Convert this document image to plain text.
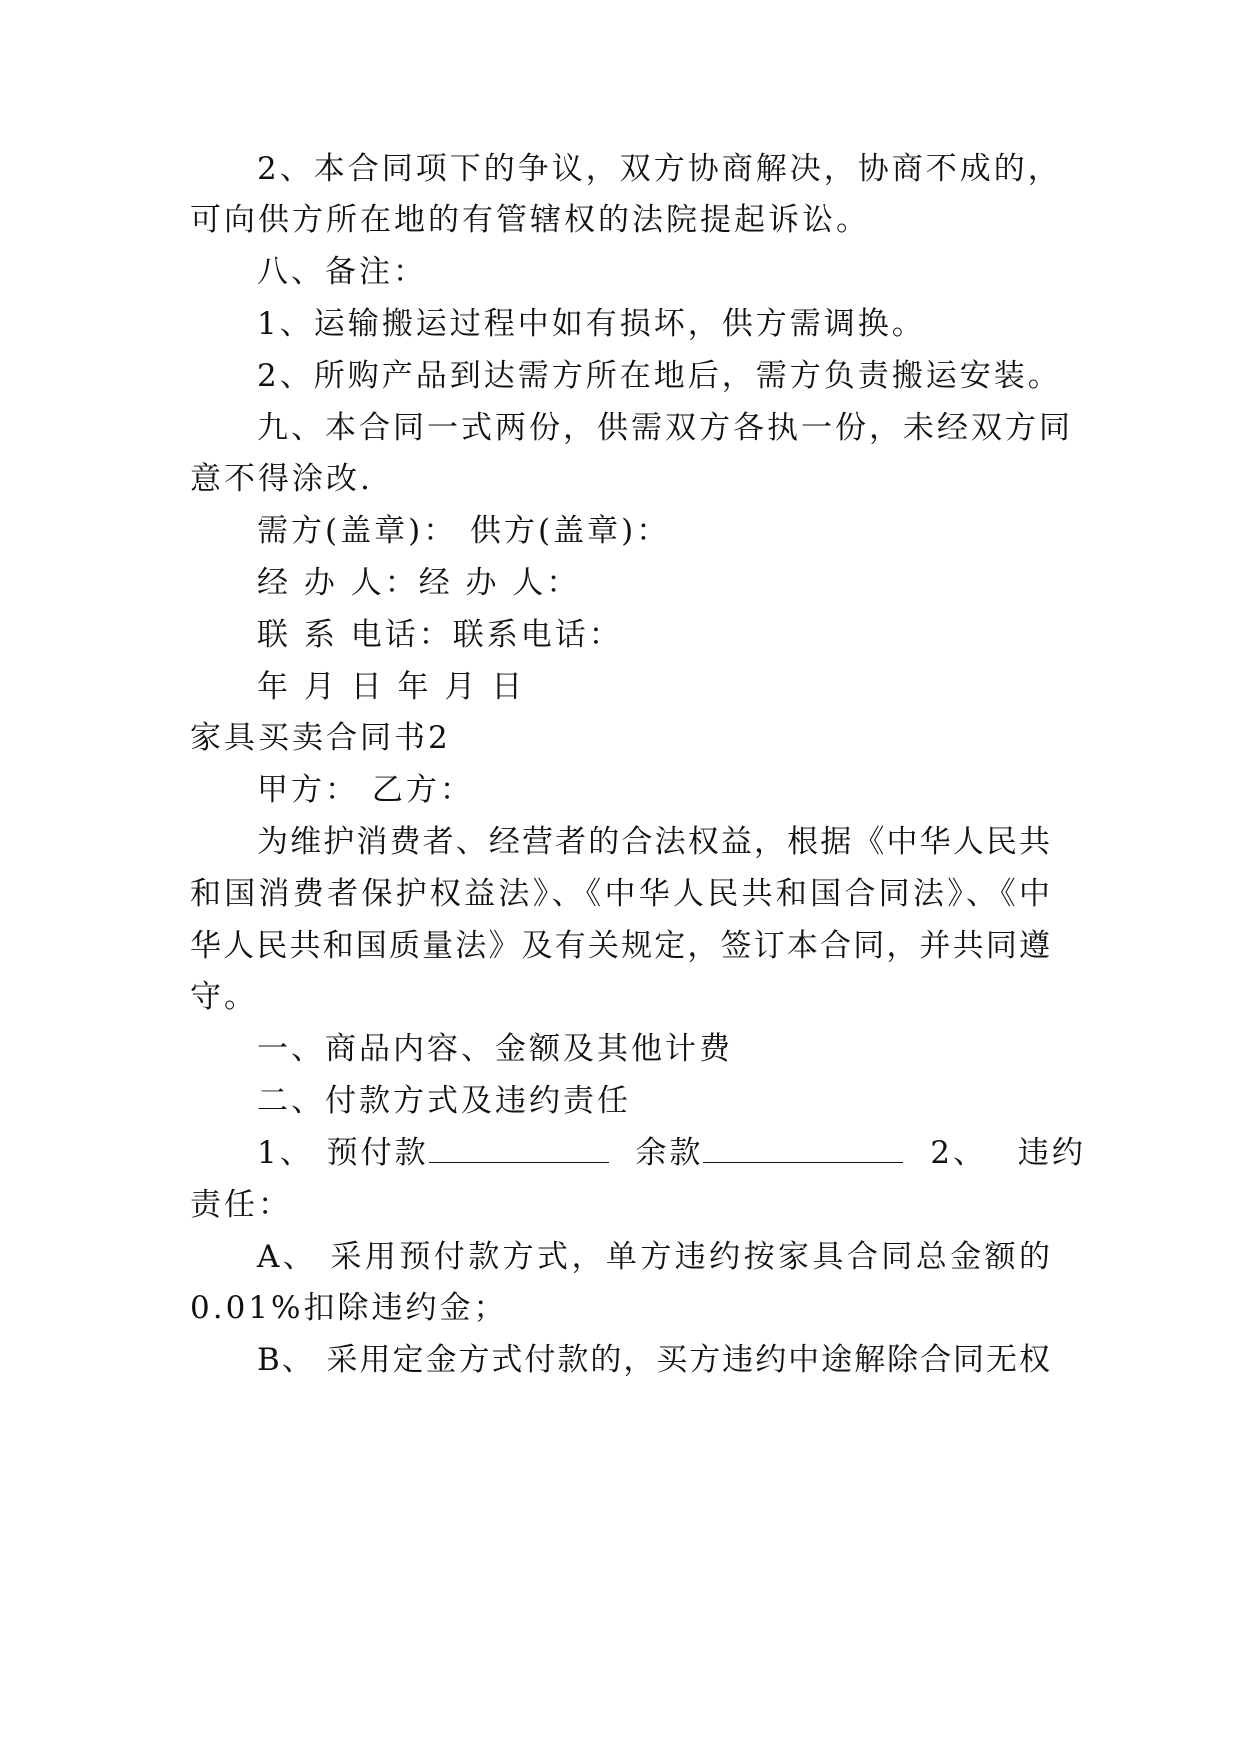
2、本合同项下的争议，双方协商解决，协商不成的，
可向供方所在地的有管辖权的法院提起诉讼。
八、备注：
1、运输搬运过程中如有损坏，供方需调换。
2、所购产品到达需方所在地后，需方负责搬运安装。
九、本合同一式两份，供需双方各执一份，未经双方同
意不得涂改.
需方(盖章)： 供方(盖章)：
经 办 人：经 办 人：
联 系 电话：联系电话：
年 月 日 年 月 日
家具买卖合同书2
甲方： 乙方：
为维护消费者、经营者的合法权益，根据《中华人民共
和国消费者保护权益法》、《中华人民共和国合同法》、《中
华人民共和国质量法》及有关规定，签订本合同，并共同遵
守。
一、商品内容、金额及其他计费
二、付款方式及违约责任
1、 预付款	余款	2、 违约
责任：
A、 采用预付款方式，单方违约按家具合同总金额的
0.01%扣除违约金；
B、 采用定金方式付款的，买方违约中途解除合同无权
